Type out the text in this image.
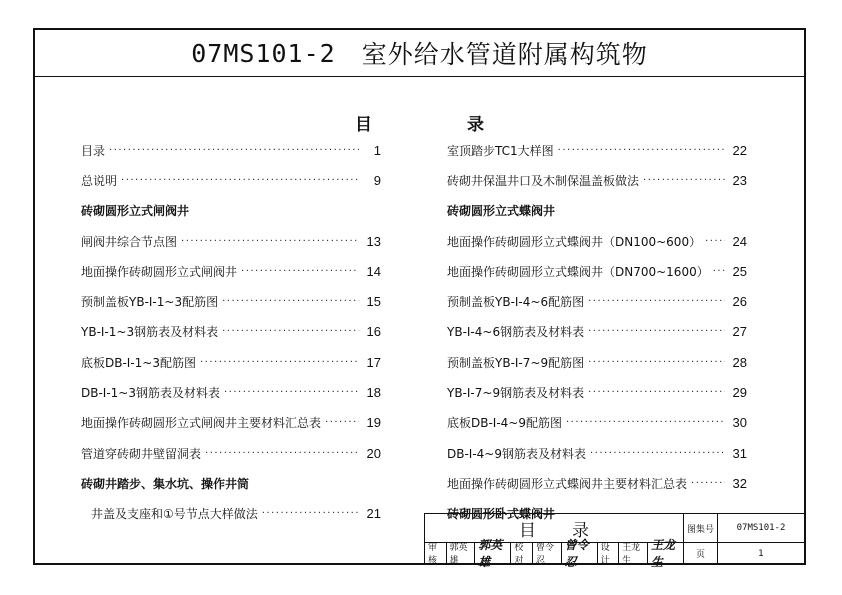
07MS101-2 室外给水管道附属构筑物
目录
目录 ·····	1
总说明 ·····	9
砖砌圆形立式闸阀井
闸阀井综合节点图 ·····	13
地面操作砖砌圆形立式闸阀井 ·····	14
预制盖板YB-Ⅰ-1~3配筋图 ·····	15
YB-Ⅰ-1~3钢筋表及材料表 ·····	16
底板DB-Ⅰ-1~3配筋图 ·····	17
DB-Ⅰ-1~3钢筋表及材料表 ·····	18
地面操作砖砌圆形立式闸阀井主要材料汇总表 ·····	19
管道穿砖砌井壁留洞表 ·····	20
砖砌井踏步、集水坑、操作井筒
井盖及支座和①号节点大样做法 ·····	21
室顶踏步TC1大样图 ·····	22
砖砌井保温井口及木制保温盖板做法 ·····	23
砖砌圆形立式蝶阀井
地面操作砖砌圆形立式蝶阀井（DN100~600） ····· 24
地面操作砖砌圆形立式蝶阀井（DN700~1600） ····· 25
预制盖板YB-Ⅰ-4~6配筋图 ·····	26
YB-Ⅰ-4~6钢筋表及材料表 ·····	27
预制盖板YB-Ⅰ-7~9配筋图 ·····	28
YB-Ⅰ-7~9钢筋表及材料表 ·····	29
底板DB-Ⅰ-4~9配筋图 ·····	30
DB-Ⅰ-4~9钢筋表及材料表 ·····	31
地面操作砖砌圆形立式蝶阀井主要材料汇总表 ·····	32
砖砌圆形卧式蝶阀井
目录	图集号	07MS101-2
页	1
审核
郭英雄
郭英雄
校对
曾令忍
曾令忍
设计
王龙生
王龙生
